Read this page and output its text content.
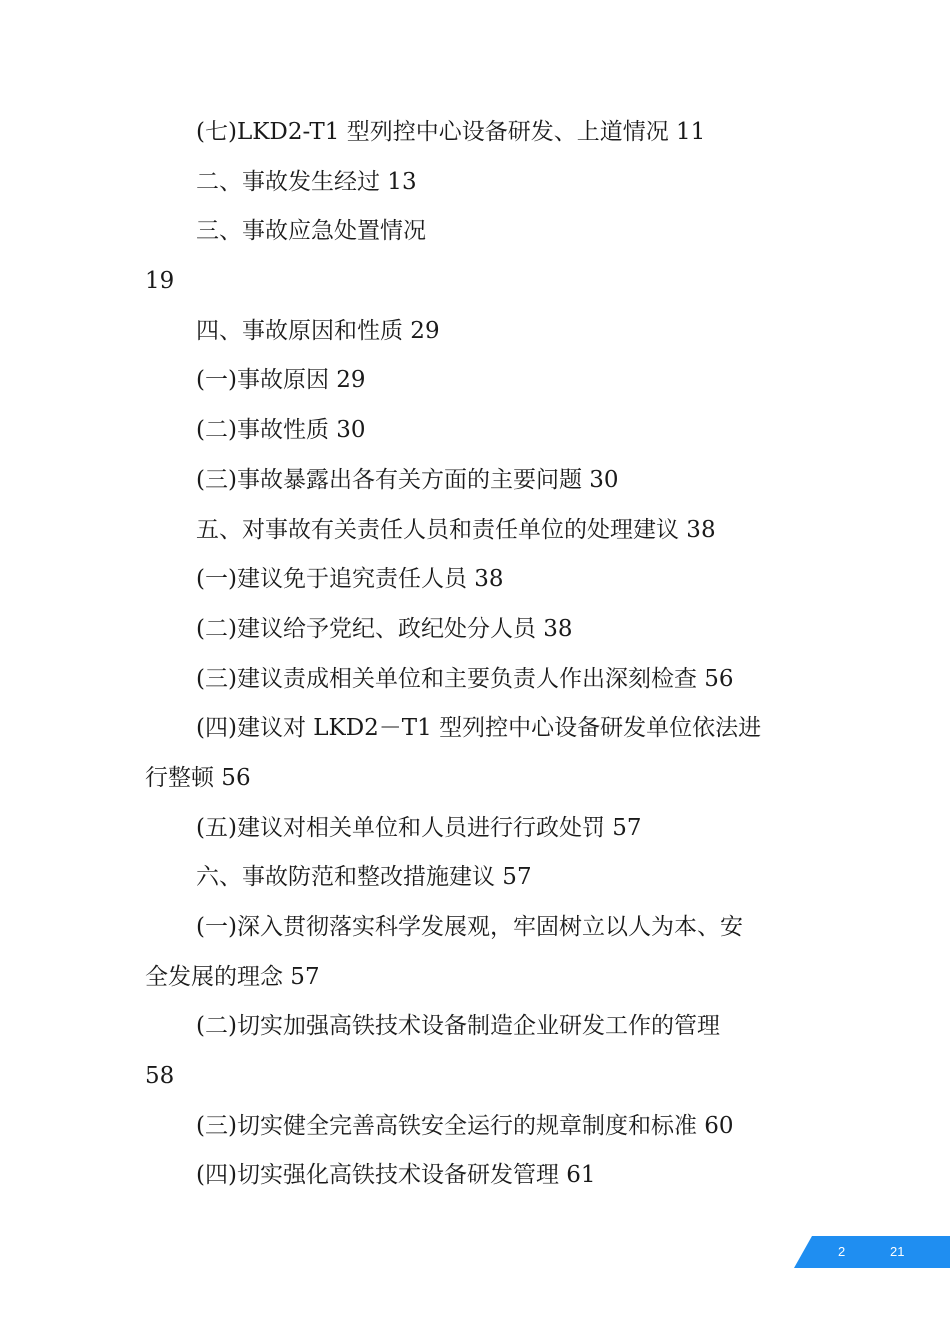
(七)LKD2-T1 型列控中心设备研发、上道情况 11
二、事故发生经过 13
三、事故应急处置情况
19
四、事故原因和性质 29
(一)事故原因 29
(二)事故性质 30
(三)事故暴露出各有关方面的主要问题 30
五、对事故有关责任人员和责任单位的处理建议 38
(一)建议免于追究责任人员 38
(二)建议给予党纪、政纪处分人员 38
(三)建议责成相关单位和主要负责人作出深刻检查 56
(四)建议对 LKD2－T1 型列控中心设备研发单位依法进
行整顿 56
(五)建议对相关单位和人员进行行政处罚 57
六、事故防范和整改措施建议 57
(一)深入贯彻落实科学发展观，牢固树立以人为本、安
全发展的理念 57
(二)切实加强高铁技术设备制造企业研发工作的管理
58
(三)切实健全完善高铁安全运行的规章制度和标准 60
(四)切实强化高铁技术设备研发管理 61
2	21
